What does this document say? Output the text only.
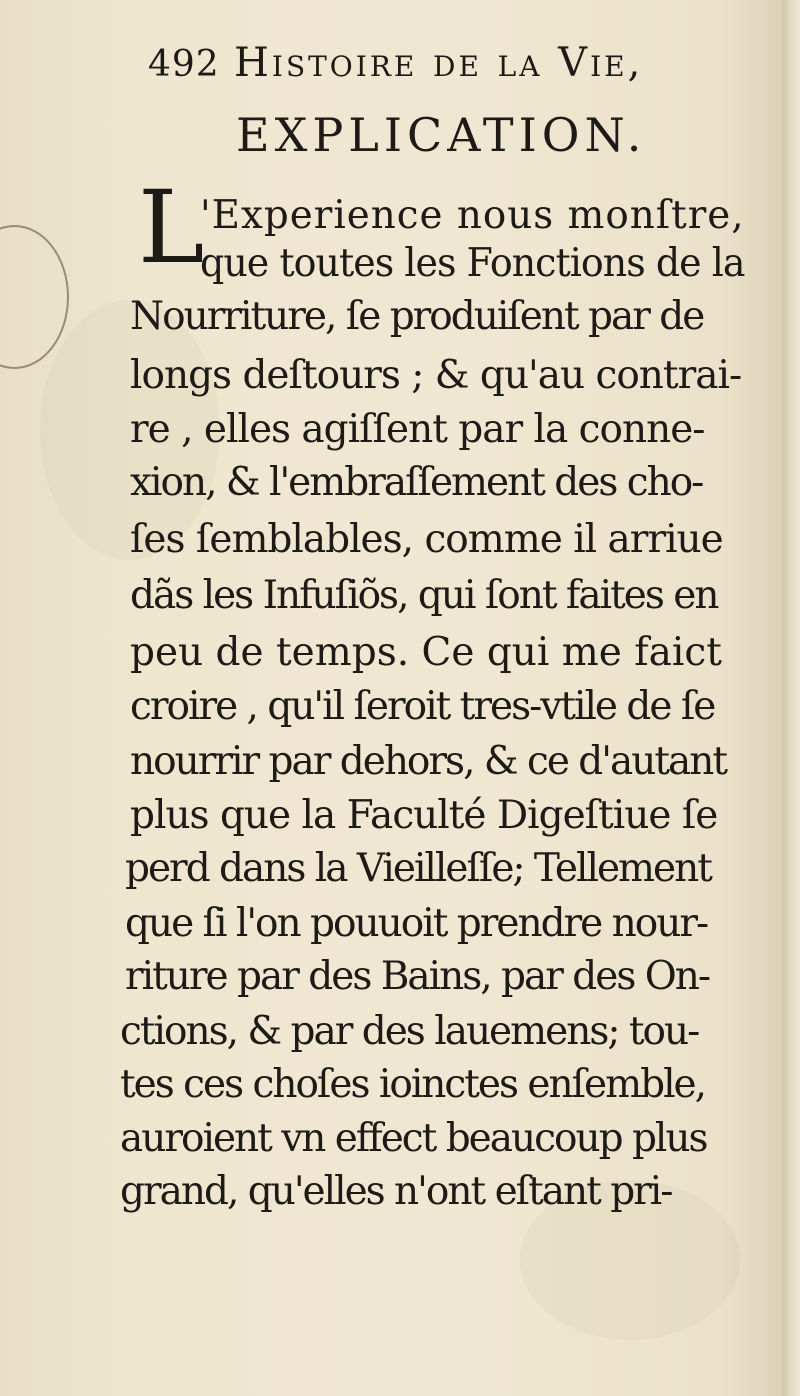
492 Histoire de la Vie,
EXPLICATION.
L
'Experience nous monſtre,
que toutes les Fonctions de la
Nourriture, ſe produiſent par de
longs deſtours ; & qu'au contrai-
re , elles agiſſent par la conne-
xion, & l'embraſſement des cho-
ſes ſemblables, comme il arriue
dãs les Infuſiõs, qui ſont faites en
peu de temps. Ce qui me faict
croire , qu'il ſeroit tres-vtile de ſe
nourrir par dehors, & ce d'autant
plus que la Faculté Digeſtiue ſe
perd dans la Vieilleſſe; Tellement
que ſi l'on pouuoit prendre nour-
riture par des Bains, par des On-
ctions, & par des lauemens; tou-
tes ces choſes ioinctes enſemble,
auroient vn effect beaucoup plus
grand, qu'elles n'ont eſtant pri-
